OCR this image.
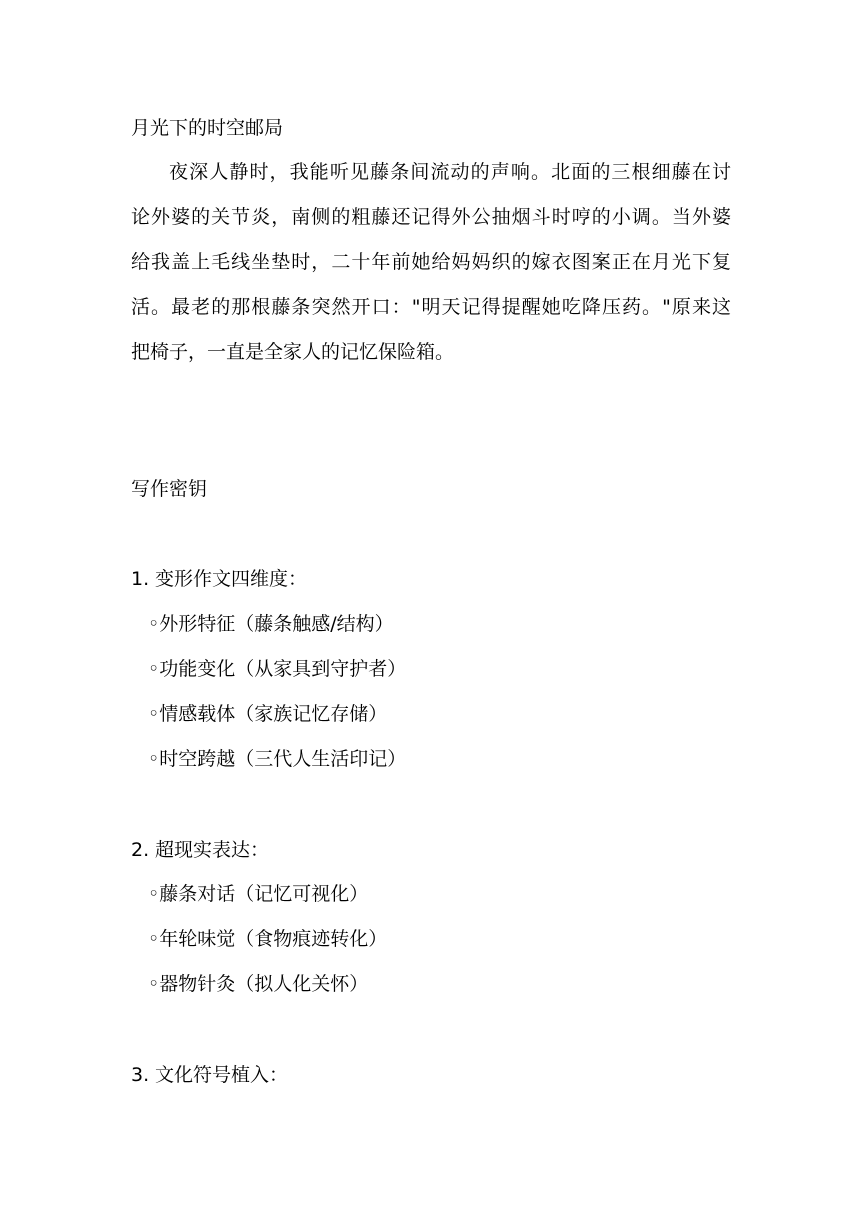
月光下的时空邮局
夜深人静时，我能听见藤条间流动的声响。北面的三根细藤在讨
论外婆的关节炎，南侧的粗藤还记得外公抽烟斗时哼的小调。当外婆
给我盖上毛线坐垫时，二十年前她给妈妈织的嫁衣图案正在月光下复
活。最老的那根藤条突然开口："明天记得提醒她吃降压药。"原来这
把椅子，一直是全家人的记忆保险箱。
写作密钥
1. 变形作文四维度：
◦外形特征（藤条触感/结构）
◦功能变化（从家具到守护者）
◦情感载体（家族记忆存储）
◦时空跨越（三代人生活印记）
2. 超现实表达：
◦藤条对话（记忆可视化）
◦年轮味觉（食物痕迹转化）
◦器物针灸（拟人化关怀）
3. 文化符号植入：
